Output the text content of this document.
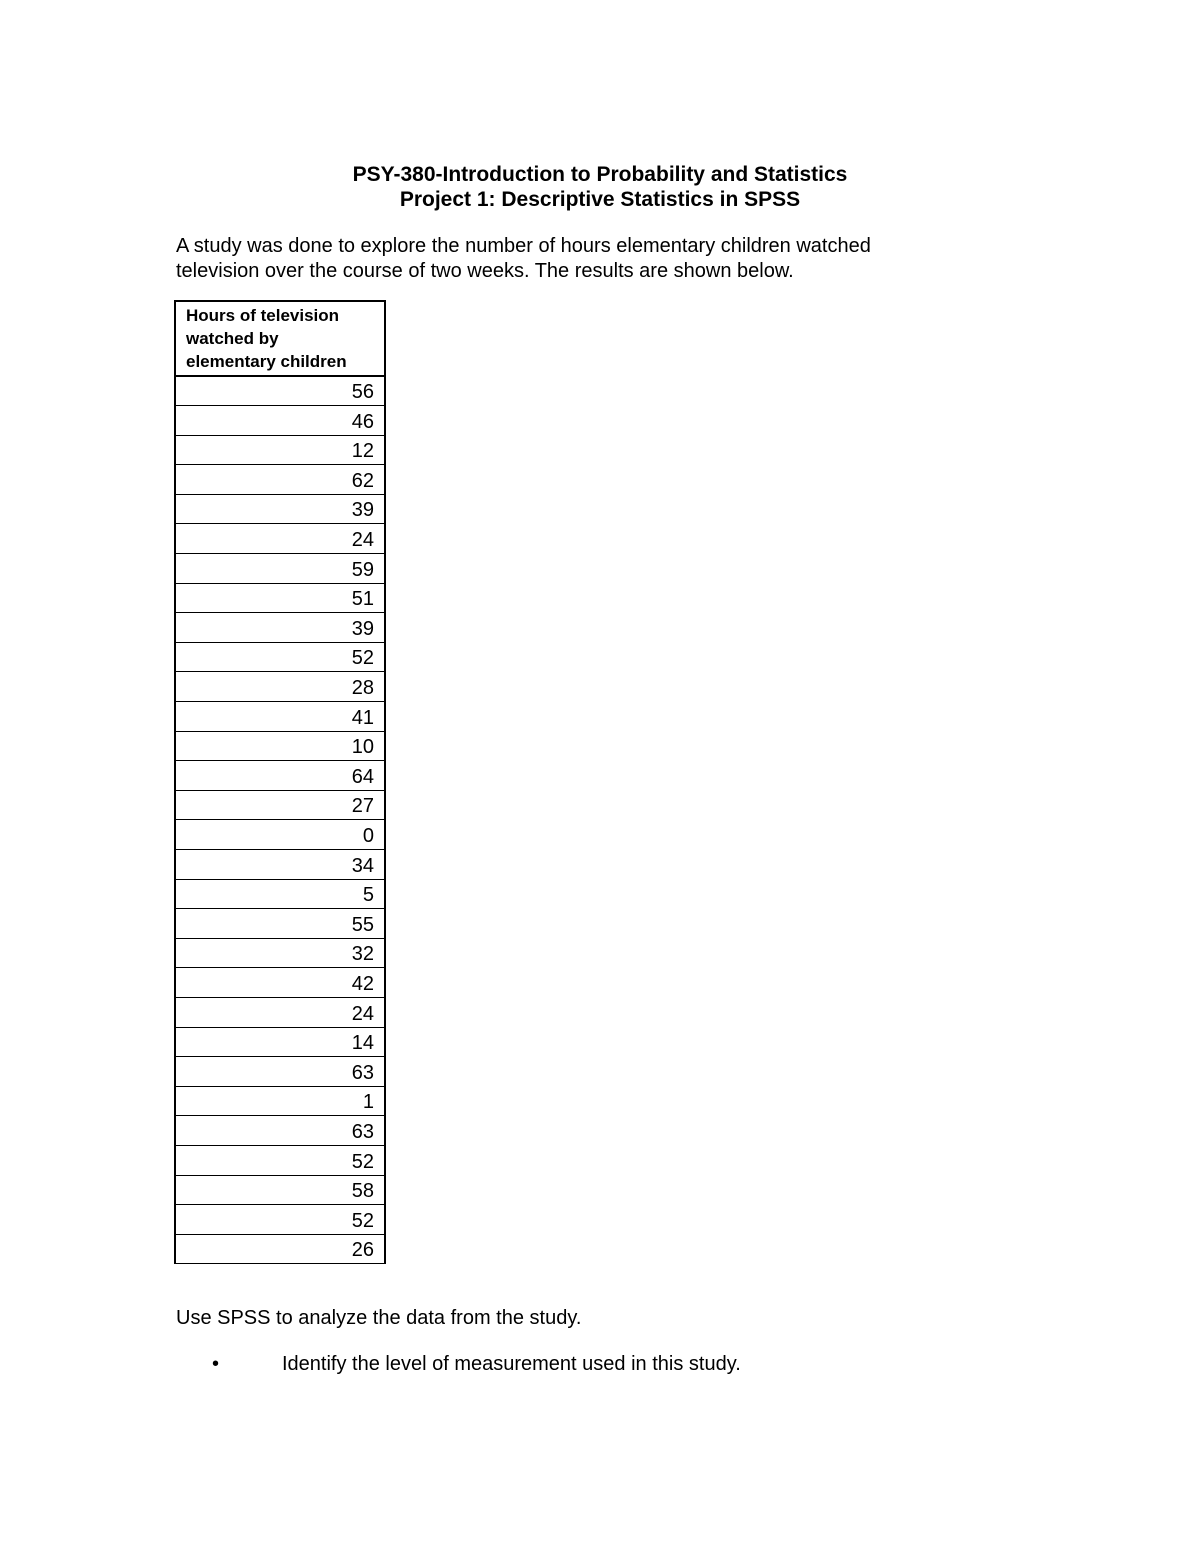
PSY-380-Introduction to Probability and Statistics
Project 1: Descriptive Statistics in SPSS
A study was done to explore the number of hours elementary children watched
television over the course of two weeks. The results are shown below.
Hours of television
watched by
elementary children

56
46
12
62
39
24
59
51
39
52
28
41
10
64
27
0
34
5
55
32
42
24
14
63
1
63
52
58
52
26
Use SPSS to analyze the data from the study.
•	Identify the level of measurement used in this study.
